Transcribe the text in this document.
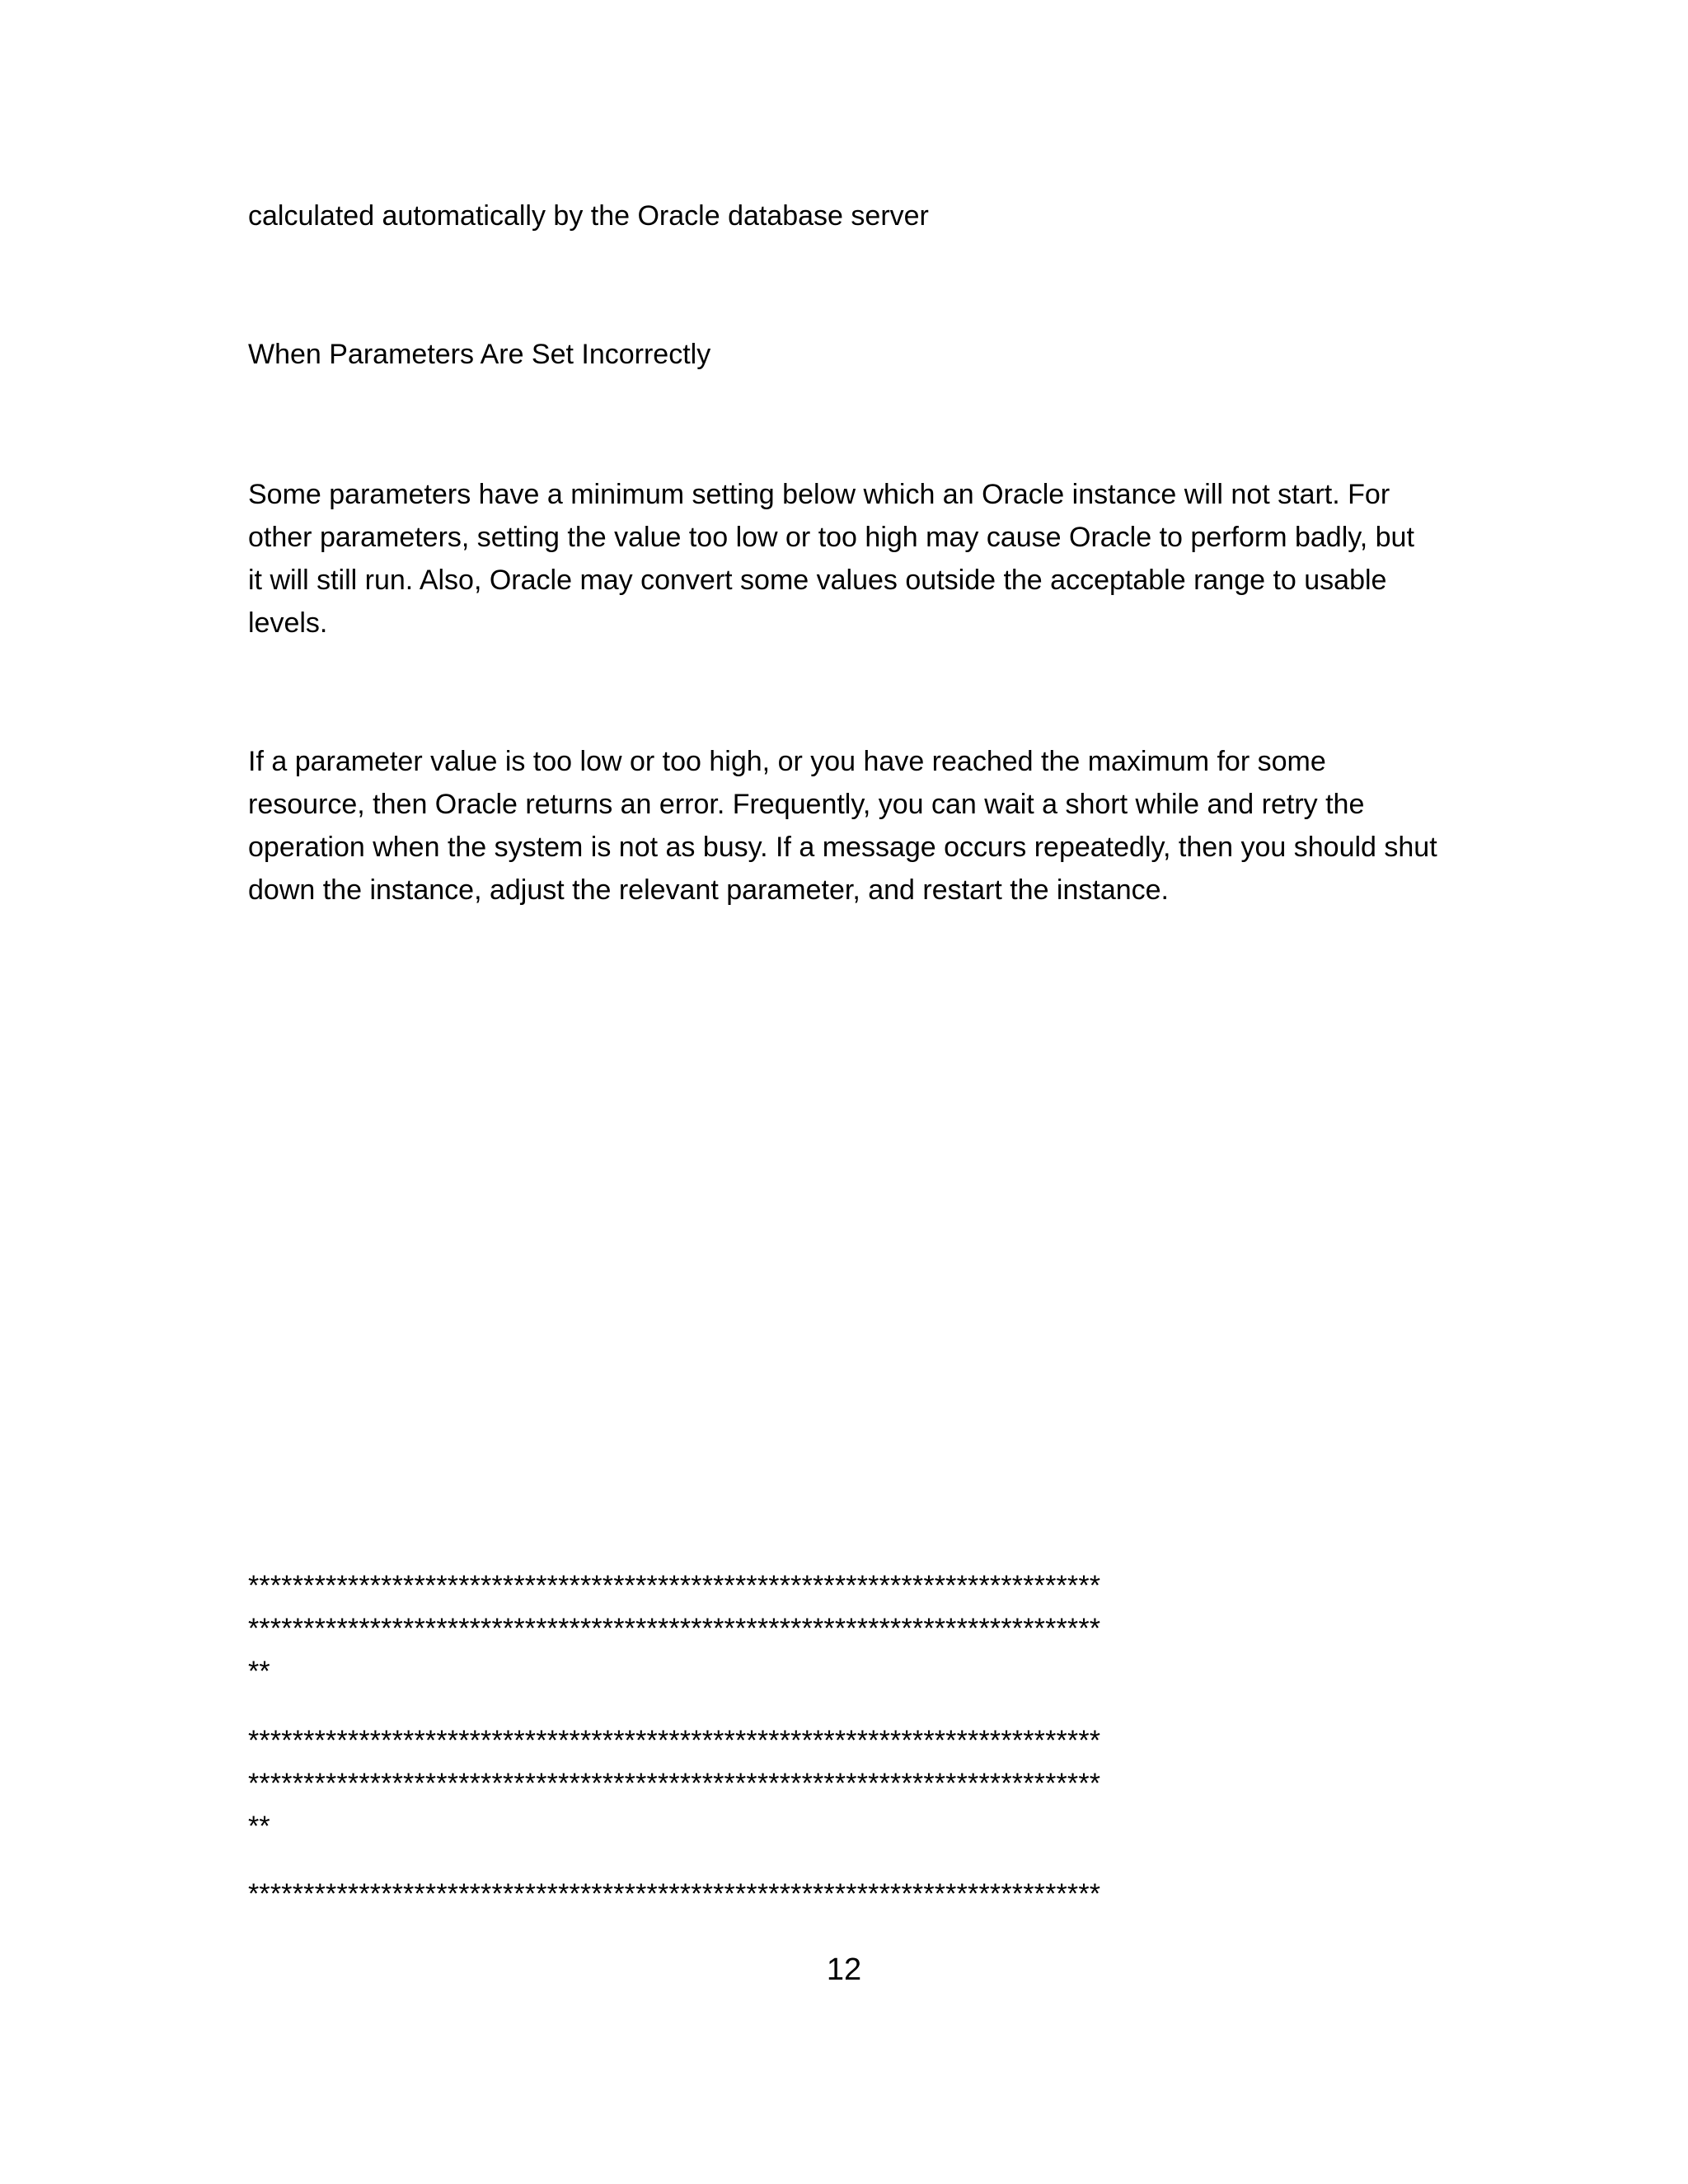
calculated automatically by the Oracle database server
When Parameters Are Set Incorrectly
Some parameters have a minimum setting below which an Oracle instance will not start. For
other parameters, setting the value too low or too high may cause Oracle to perform badly, but
it will still run. Also, Oracle may convert some values outside the acceptable range to usable
levels.
If a parameter value is too low or too high, or you have reached the maximum for some
resource, then Oracle returns an error. Frequently, you can wait a short while and retry the
operation when the system is not as busy. If a message occurs repeatedly, then you should shut
down the instance, adjust the relevant parameter, and restart the instance.
*****************************************************************************
*****************************************************************************
**
*****************************************************************************
*****************************************************************************
**
*****************************************************************************
12
